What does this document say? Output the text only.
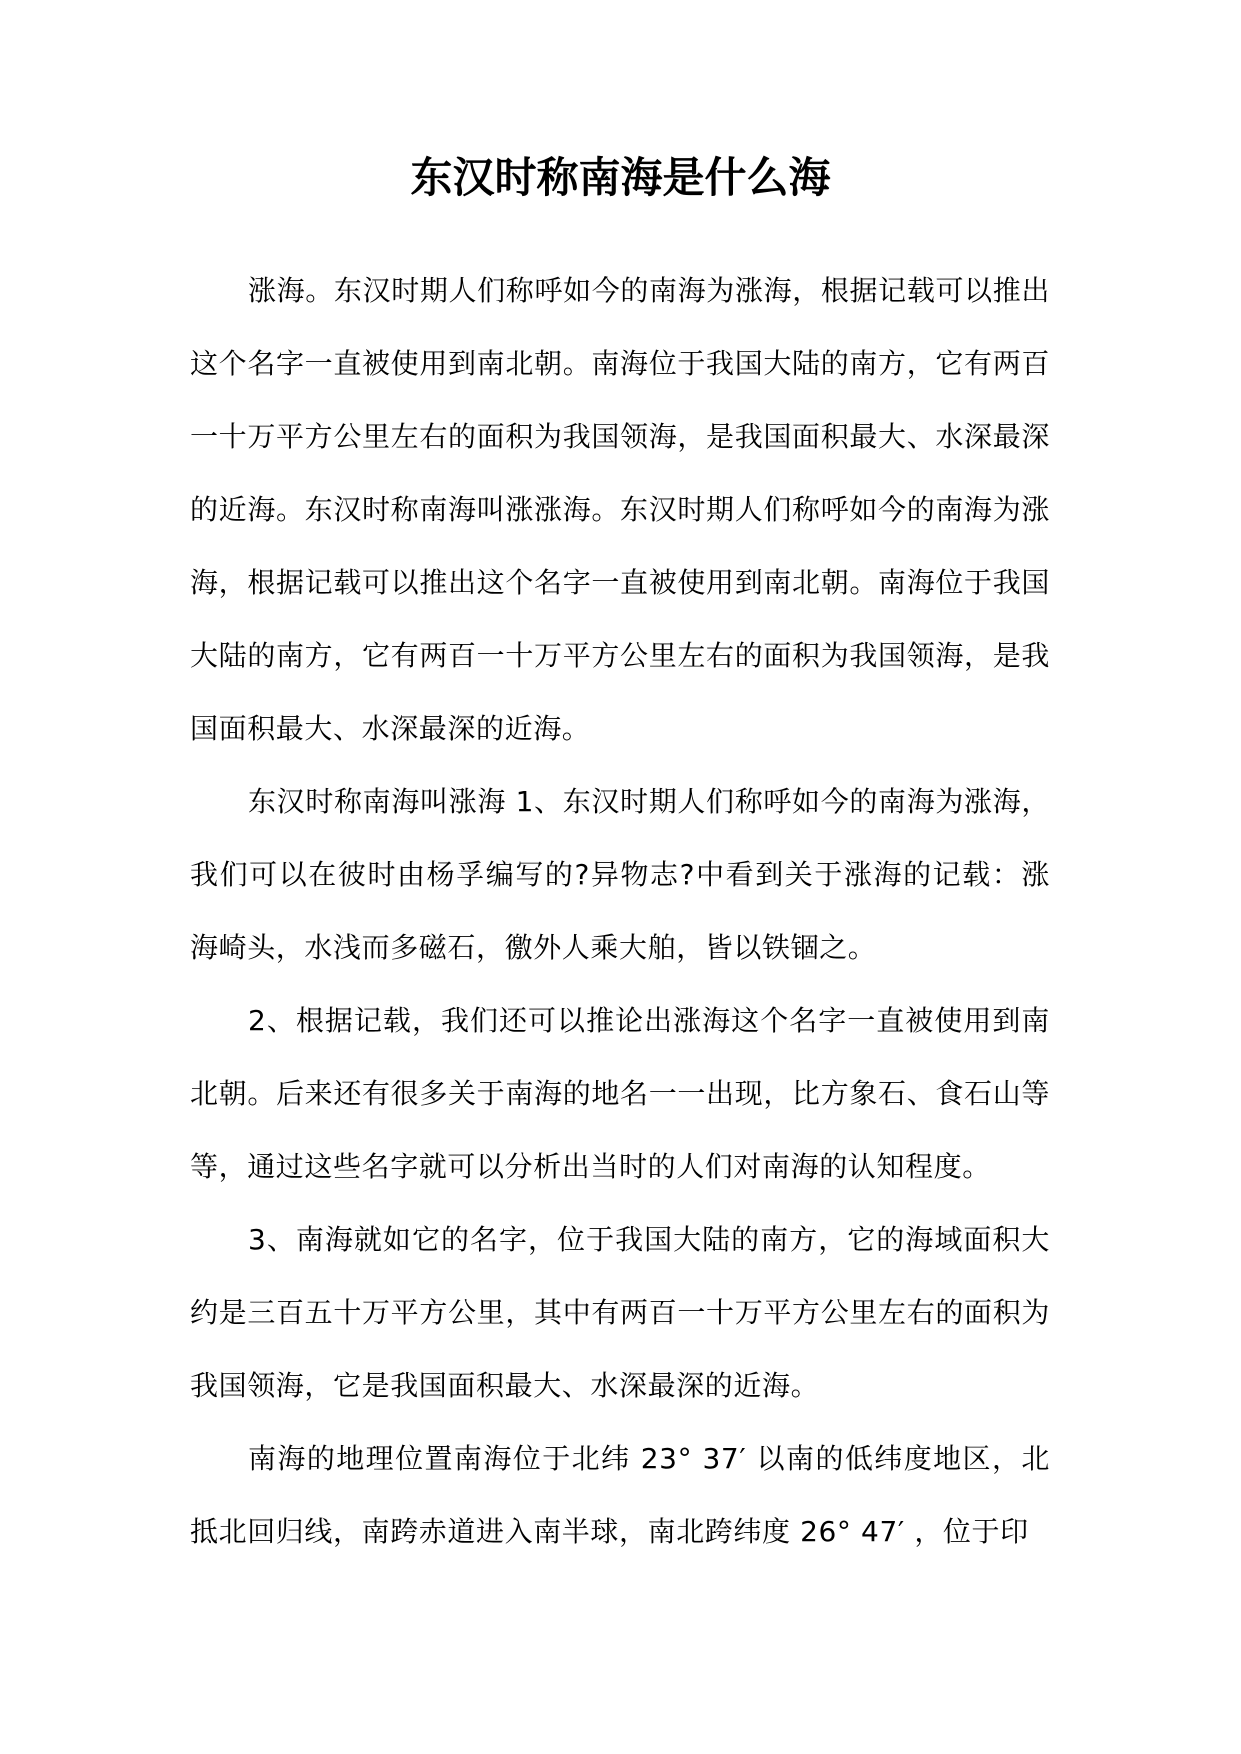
东汉时称南海是什么海

涨海。东汉时期人们称呼如今的南海为涨海，根据记载可以推出这个名字一直被使用到南北朝。南海位于我国大陆的南方，它有两百一十万平方公里左右的面积为我国领海，是我国面积最大、水深最深的近海。东汉时称南海叫涨涨海。东汉时期人们称呼如今的南海为涨海，根据记载可以推出这个名字一直被使用到南北朝。南海位于我国大陆的南方，它有两百一十万平方公里左右的面积为我国领海，是我国面积最大、水深最深的近海。

东汉时称南海叫涨海 1、东汉时期人们称呼如今的南海为涨海，我们可以在彼时由杨孚编写的?异物志?中看到关于涨海的记载：涨海崎头，水浅而多磁石，徼外人乘大舶，皆以铁锢之。

2、根据记载，我们还可以推论出涨海这个名字一直被使用到南北朝。后来还有很多关于南海的地名一一出现，比方象石、食石山等等，通过这些名字就可以分析出当时的人们对南海的认知程度。

3、南海就如它的名字，位于我国大陆的南方，它的海域面积大约是三百五十万平方公里，其中有两百一十万平方公里左右的面积为我国领海，它是我国面积最大、水深最深的近海。

南海的地理位置南海位于北纬 23° 37′ 以南的低纬度地区，北抵北回归线，南跨赤道进入南半球，南北跨纬度 26° 47′ ，位于印
